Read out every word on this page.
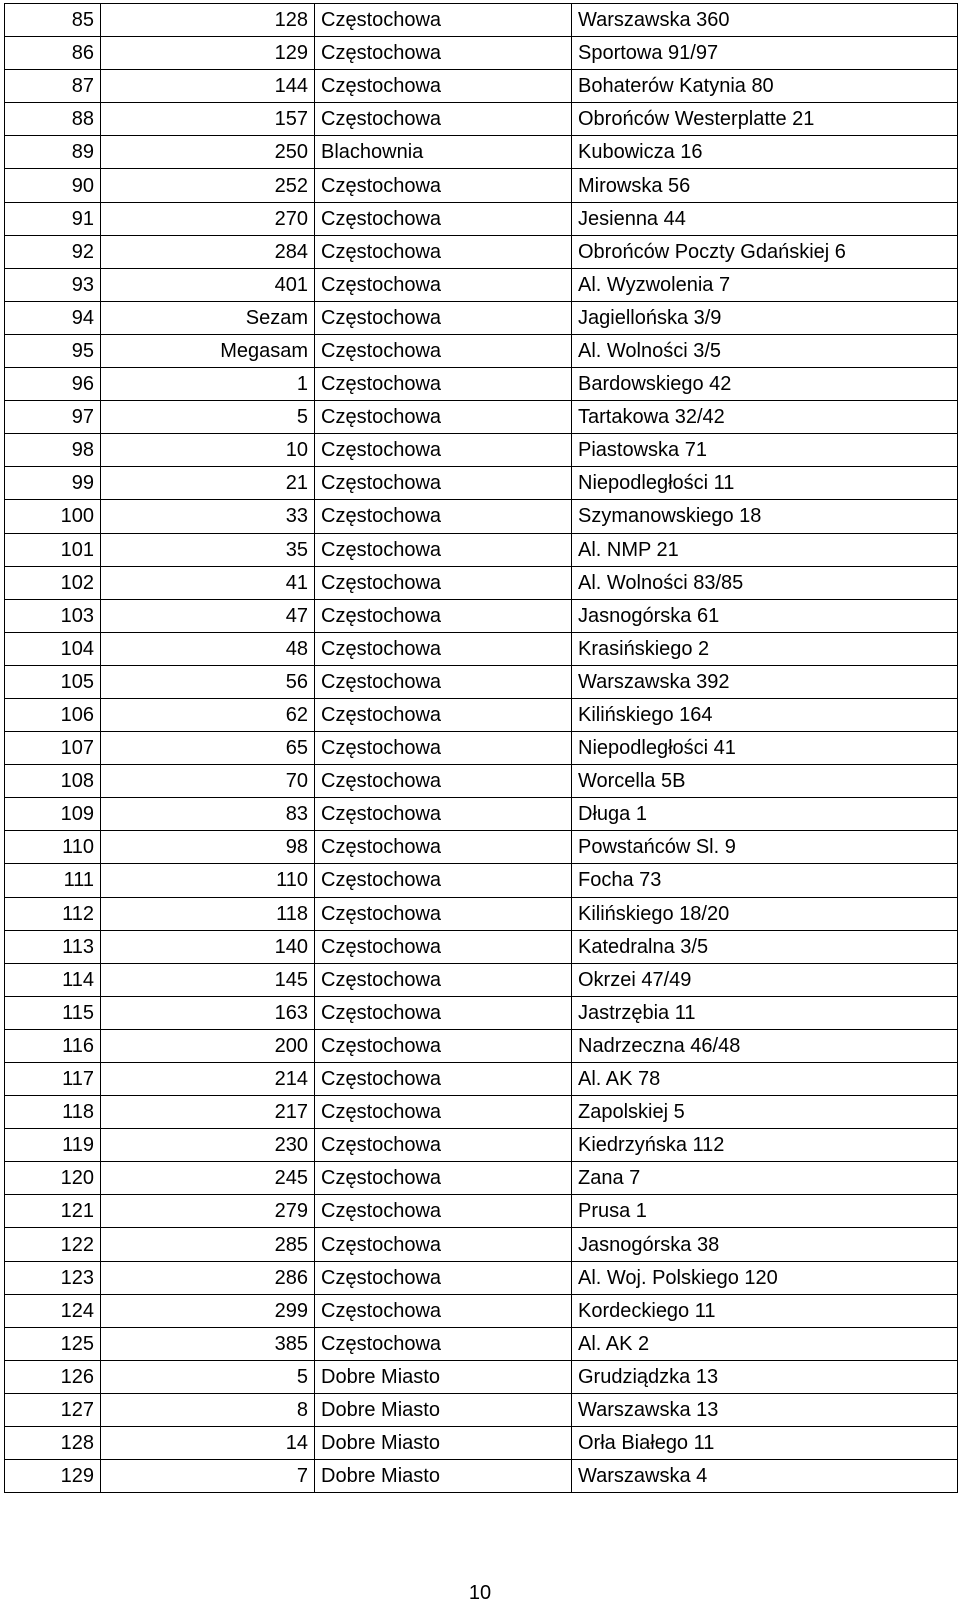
85	128	Częstochowa	Warszawska 360
86	129	Częstochowa	Sportowa 91/97
87	144	Częstochowa	Bohaterów Katynia 80
88	157	Częstochowa	Obrońców Westerplatte 21
89	250	Blachownia	Kubowicza 16
90	252	Częstochowa	Mirowska 56
91	270	Częstochowa	Jesienna 44
92	284	Częstochowa	Obrońców Poczty Gdańskiej 6
93	401	Częstochowa	Al. Wyzwolenia 7
94	Sezam	Częstochowa	Jagiellońska 3/9
95	Megasam	Częstochowa	Al. Wolności 3/5
96	1	Częstochowa	Bardowskiego 42
97	5	Częstochowa	Tartakowa 32/42
98	10	Częstochowa	Piastowska 71
99	21	Częstochowa	Niepodległości 11
100	33	Częstochowa	Szymanowskiego 18
101	35	Częstochowa	Al. NMP 21
102	41	Częstochowa	Al. Wolności 83/85
103	47	Częstochowa	Jasnogórska 61
104	48	Częstochowa	Krasińskiego 2
105	56	Częstochowa	Warszawska 392
106	62	Częstochowa	Kilińskiego 164
107	65	Częstochowa	Niepodległości 41
108	70	Częstochowa	Worcella 5B
109	83	Częstochowa	Długa 1
110	98	Częstochowa	Powstańców Sl. 9
111	110	Częstochowa	Focha 73
112	118	Częstochowa	Kilińskiego 18/20
113	140	Częstochowa	Katedralna 3/5
114	145	Częstochowa	Okrzei 47/49
115	163	Częstochowa	Jastrzębia 11
116	200	Częstochowa	Nadrzeczna 46/48
117	214	Częstochowa	Al. AK 78
118	217	Częstochowa	Zapolskiej 5
119	230	Częstochowa	Kiedrzyńska 112
120	245	Częstochowa	Zana 7
121	279	Częstochowa	Prusa 1
122	285	Częstochowa	Jasnogórska 38
123	286	Częstochowa	Al. Woj. Polskiego 120
124	299	Częstochowa	Kordeckiego 11
125	385	Częstochowa	Al. AK 2
126	5	Dobre Miasto	Grudziądzka 13
127	8	Dobre Miasto	Warszawska 13
128	14	Dobre Miasto	Orła Białego 11
129	7	Dobre Miasto	Warszawska 4
10
